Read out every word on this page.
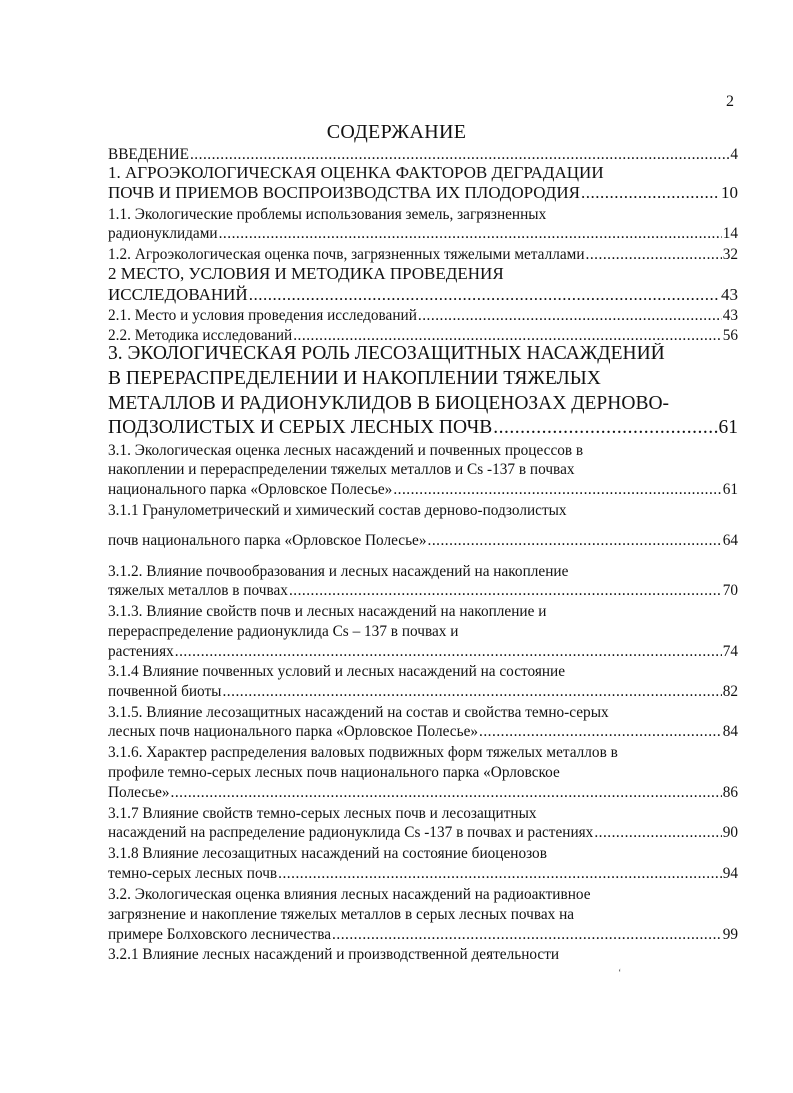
2
СОДЕРЖАНИЕ
ВВЕДЕНИЕ .....	4
1. АГРОЭКОЛОГИЧЕСКАЯ ОЦЕНКА ФАКТОРОВ ДЕГРАДАЦИИ
ПОЧВ И ПРИЕМОВ ВОСПРОИЗВОДСТВА ИХ ПЛОДОРОДИЯ .....	10
1.1. Экологические проблемы использования земель, загрязненных
радионуклидами .....	14
1.2. Агроэкологическая оценка почв, загрязненных тяжелыми металлами .....	32
2 МЕСТО, УСЛОВИЯ И МЕТОДИКА ПРОВЕДЕНИЯ
ИССЛЕДОВАНИЙ .....	43
2.1. Место и условия проведения исследований .....	43
2.2. Методика исследований .....	56
3. ЭКОЛОГИЧЕСКАЯ РОЛЬ ЛЕСОЗАЩИТНЫХ НАСАЖДЕНИЙ
В ПЕРЕРАСПРЕДЕЛЕНИИ И НАКОПЛЕНИИ ТЯЖЕЛЫХ
МЕТАЛЛОВ И РАДИОНУКЛИДОВ В БИОЦЕНОЗАХ ДЕРНОВО-
ПОДЗОЛИСТЫХ И СЕРЫХ ЛЕСНЫХ ПОЧВ .....	61
3.1. Экологическая оценка лесных насаждений и почвенных процессов в
накоплении и перераспределении тяжелых металлов и Cs -137 в почвах
национального парка «Орловское Полесье» .....	61
3.1.1 Гранулометрический и химический состав дерново-подзолистых
почв национального парка «Орловское Полесье» .....	64
3.1.2. Влияние почвообразования и лесных насаждений на накопление
тяжелых металлов в почвах .....	70
3.1.3. Влияние свойств почв и лесных насаждений на накопление и
перераспределение радионуклида Cs – 137 в почвах и
растениях .....	74
3.1.4 Влияние почвенных условий и лесных насаждений на состояние
почвенной биоты .....	82
3.1.5. Влияние лесозащитных насаждений на состав и свойства темно-серых
лесных почв национального парка «Орловское Полесье» .....	84
3.1.6. Характер распределения валовых подвижных форм тяжелых металлов в
профиле темно-серых лесных почв национального парка «Орловское
Полесье» .....	86
3.1.7 Влияние свойств темно-серых лесных почв и лесозащитных
насаждений на распределение радионуклида Cs -137 в почвах и растениях .....	90
3.1.8 Влияние лесозащитных насаждений на состояние биоценозов
темно-серых лесных почв .....	94
3.2. Экологическая оценка влияния лесных насаждений на радиоактивное
загрязнение и накопление тяжелых металлов в серых лесных почвах на
примере Болховского лесничества .....	99
3.2.1 Влияние лесных насаждений и производственной деятельности
‘
